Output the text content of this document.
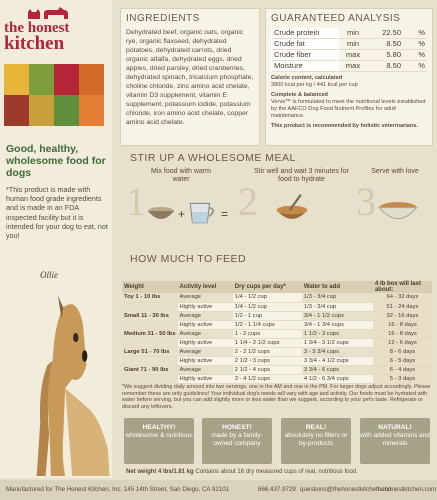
the honest
kitchen
Good, healthy, wholesome food for dogs
*This product is made with human food grade ingredients and is made in an FDA inspected facility but it is intended for your dog to eat, not you!
Ollie
INGREDIENTS
Dehydrated beef, organic oats, organic rye, organic flaxseed, dehydrated potatoes, dehydrated carrots, dried organic alfalfa, dehydrated eggs, dried apples, dried parsley, dried cranberries, dehydrated spinach, tricalcium phosphate, choline chloride, zinc amino acid chelate, vitamin D3 supplement, vitamin E supplement, potassium iodide, potassium chloride, iron amino acid chelate, copper amino acid chelate.
GUARANTEED ANALYSIS
Crude protein	min	22.50	%
Crude fat	min	8.50	%
Crude fiber	max	5.80	%
Moisture	max	8.50	%
Calorie content, calculated
3800 kcal per kg / 441 kcal per cup
Complete & balanced
Verve™ is formulated to meet the nutritional levels established by the AAFCO Dog Food Nutrient Profiles for adult maintenance.
This product is recommended by holistic veterinarians.
STIR UP A WHOLESOME MEAL
1
Mix food with warm water
+	= 2
Stir well and wait 3 minutes for food to hydrate 3
Serve with love
HOW MUCH TO FEED
Weight	Activity level	Dry cups per day*	Water to add	4 lb box will last about:
Toy 1 - 10 lbs	Average	1/4 - 1/2 cup	1/3 - 3/4 cup	64 - 32 days
	Highly active	1/4 - 1/2 cup	1/3 - 3/4 cup	51 - 24 days
Small 11 - 30 lbs	Average	1/2 - 1 cup	3/4 - 1 1/2 cups	32 - 16 days
	Highly active	1/2 - 1 1/4 cups	3/4 - 1 3/4 cups	16 - 8 days
Medium 31 - 50 lbs	Average	1 - 2 cups	1 1/2 - 3 cups	16 - 8 days
	Highly active	1 1/4 - 2 1/2 cups	1 3/4 - 3 1/2 cups	12 - 6 days
Large 51 - 70 lbs	Average	2 - 2 1/2 cups	3 - 3 3/4 cups	8 - 6 days
	Highly active	2 1/2 - 3 cups	3 3/4 - 4 1/2 cups	6 - 5 days
Giant 71 - 90 lbs	Average	2 1/2 - 4 cups	3 3/4 - 6 cups	6 - 4 days
	Highly active	3 - 4 1/2 cups	4 1/2 - 6 3/4 cups	5 - 3 days
*We suggest dividing daily amount into two servings, one in the AM and one in the PM. For larger dogs adjust accordingly. Please remember these are only guidelines! Your individual dog's needs will vary with age and activity. Our foods must be hydrated with water before serving, but you can add slightly more or less water than we suggest, according to your pet's taste. Refrigerate or discard any leftovers.
HEALTHY!
wholesome & nutritious
HONEST!
made by a family-owned company
REAL!
absolutely no fillers or by-products
NATURAL!
with added vitamins and minerals
Net weight 4 lbs/1.81 kg Contains about 16 dry measured cups of real, nutritious food.
Manufactured for The Honest Kitchen, Inc. 145 14th Street, San Diego, CA 92101	866.437.9729 questions@thehonestkitchen.com
thehonestkitchen.com
